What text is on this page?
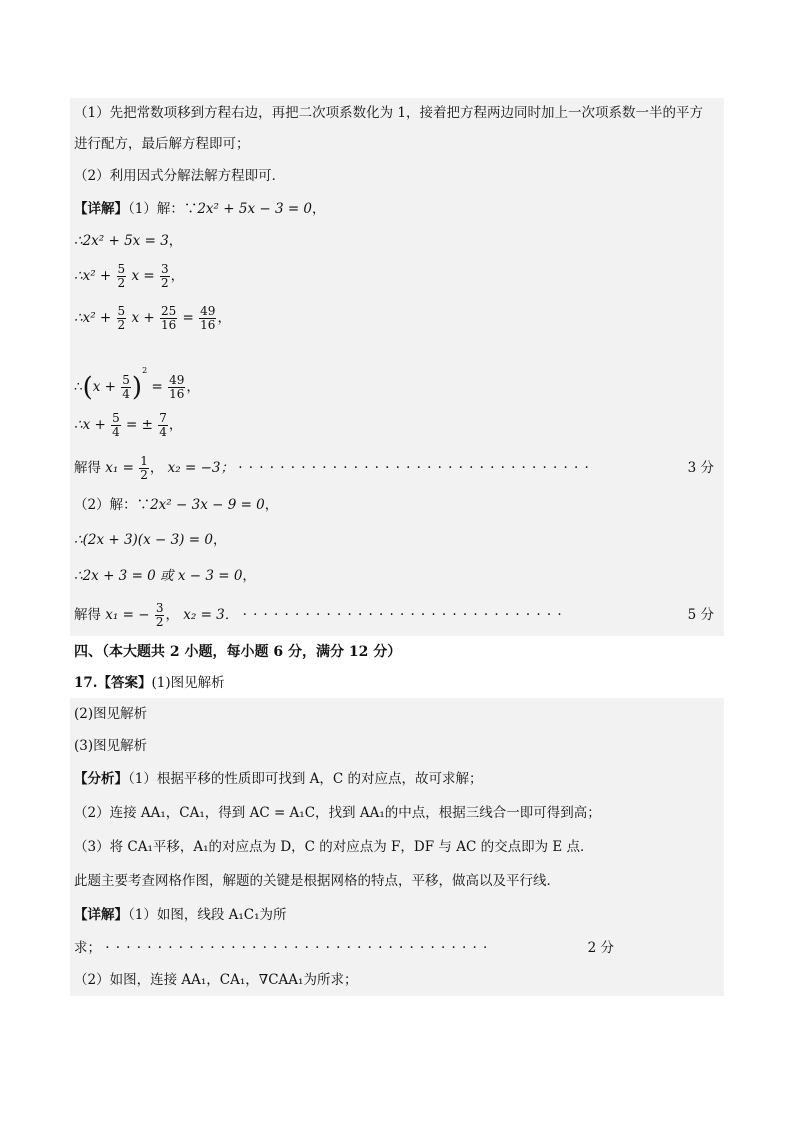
（1）先把常数项移到方程右边，再把二次项系数化为 1，接着把方程两边同时加上一次项系数一半的平方
进行配方，最后解方程即可；
（2）利用因式分解法解方程即可．
【详解】（1）解：∵2x² + 5x − 3 = 0，
∴2x² + 5x = 3，
∴x² + $\frac{5}{2}$ $x = \frac{3}{2}$ ，
∴x² + $\frac{5}{2}$ $x + \frac{25}{16} = \frac{49}{16}$ ，
∴(x + $\frac{5}{4} )^2 = \frac{49}{16}$ ，
∴x + $\frac{5}{4}$ = ± $\frac{7}{4}$ ，
解得 $x_1 = \frac{1}{2}$ ， x₂ = −3； ··································	3 分
（2）解：∵2x² − 3x − 9 = 0，
∴(2x + 3)(x − 3) = 0，
∴2x + 3 = 0 或 x − 3 = 0，
解得 x₁ = − $\frac{3}{2}$ ， x₂ = 3． ·······························	5 分
四、（本大题共 2 小题，每小题 6 分，满分 12 分）
17.【答案】(1)图见解析
(2)图见解析
(3)图见解析
【分析】（1）根据平移的性质即可找到 A，C 的对应点，故可求解；
（2）连接 AA₁，CA₁，得到 AC = A₁C，找到 AA₁的中点，根据三线合一即可得到高；
（3）将 CA₁平移，A₁的对应点为 D，C 的对应点为 F，DF 与 AC 的交点即为 E 点．
此题主要考查网格作图，解题的关键是根据网格的特点，平移，做高以及平行线．
【详解】（1）如图，线段 A₁C₁为所
求； ·····································	2 分
（2）如图，连接 AA₁，CA₁，∇CAA₁为所求；
